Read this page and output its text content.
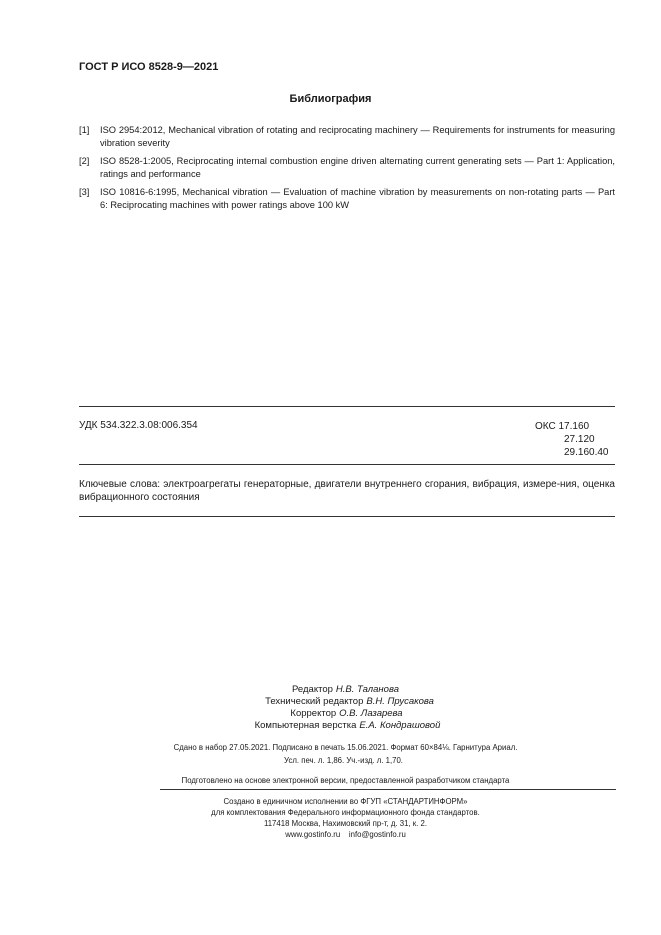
ГОСТ Р ИСО 8528-9—2021
Библиография
[1] ISO 2954:2012, Mechanical vibration of rotating and reciprocating machinery — Requirements for instruments for measuring vibration severity
[2] ISO 8528-1:2005, Reciprocating internal combustion engine driven alternating current generating sets — Part 1: Application, ratings and performance
[3] ISO 10816-6:1995, Mechanical vibration — Evaluation of machine vibration by measurements on non-rotating parts — Part 6: Reciprocating machines with power ratings above 100 kW
УДК 534.322.3.08:006.354	ОКС 17.160
27.120
29.160.40
Ключевые слова: электроагрегаты генераторные, двигатели внутреннего сгорания, вибрация, измере-ния, оценка вибрационного состояния
Редактор Н.В. Таланова
Технический редактор В.Н. Прусакова
Корректор О.В. Лазарева
Компьютерная верстка Е.А. Кондрашовой
Сдано в набор 27.05.2021. Подписано в печать 15.06.2021. Формат 60×84⅛. Гарнитура Ариал.
Усл. печ. л. 1,86. Уч.-изд. л. 1,70.
Подготовлено на основе электронной версии, предоставленной разработчиком стандарта
Создано в единичном исполнении во ФГУП «СТАНДАРТИНФОРМ»
для комплектования Федерального информационного фонда стандартов.
117418 Москва, Нахимовский пр-т, д. 31, к. 2.
www.gostinfo.ru    info@gostinfo.ru
